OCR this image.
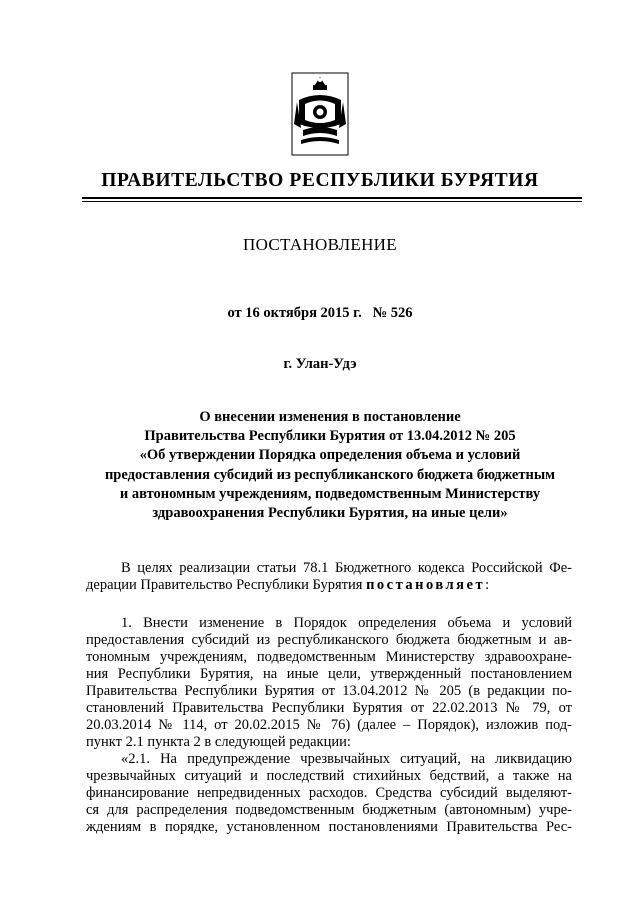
ПРАВИТЕЛЬСТВО РЕСПУБЛИКИ БУРЯТИЯ
ПОСТАНОВЛЕНИЕ
от 16 октября 2015 г. № 526
г. Улан-Удэ
О внесении изменения в постановление
Правительства Республики Бурятия от 13.04.2012 № 205
«Об утверждении Порядка определения объема и условий
предоставления субсидий из республиканского бюджета бюджетным
и автономным учреждениям, подведомственным Министерству
здравоохранения Республики Бурятия, на иные цели»
В целях реализации статьи 78.1 Бюджетного кодекса Российской Фе-
дерации Правительство Республики Бурятия постановляет:
1. Внести изменение в Порядок определения объема и условий
предоставления субсидий из республиканского бюджета бюджетным и ав-
тономным учреждениям, подведомственным Министерству здравоохране-
ния Республики Бурятия, на иные цели, утвержденный постановлением
Правительства Республики Бурятия от 13.04.2012 № 205 (в редакции по-
становлений Правительства Республики Бурятия от 22.02.2013 № 79, от
20.03.2014 № 114, от 20.02.2015 № 76) (далее – Порядок), изложив под-
пункт 2.1 пункта 2 в следующей редакции:
«2.1. На предупреждение чрезвычайных ситуаций, на ликвидацию
чрезвычайных ситуаций и последствий стихийных бедствий, а также на
финансирование непредвиденных расходов. Средства субсидий выделяют-
ся для распределения подведомственным бюджетным (автономным) учре-
ждениям в порядке, установленном постановлениями Правительства Рес-
